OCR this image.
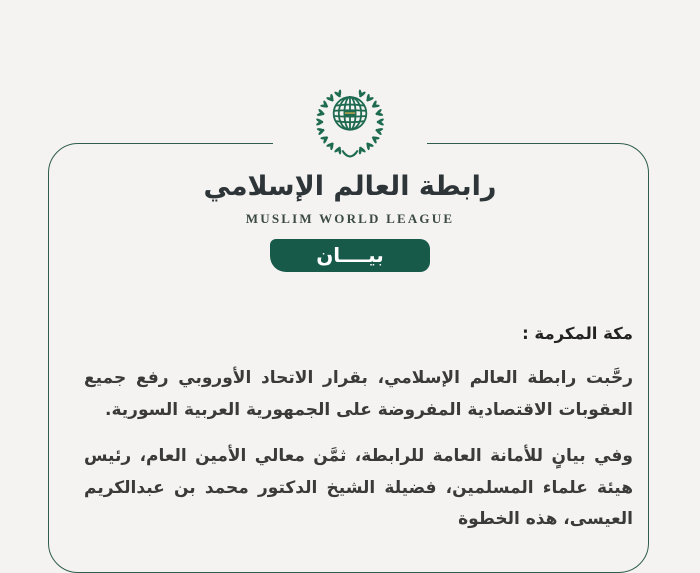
رابطة العالم الإسلامي
MUSLIM WORLD LEAGUE
بيــــان
مكة المكرمة :

رحَّبت رابطة العالم الإسلامي، بقرار الاتحاد الأوروبي رفع جميع العقوبات الاقتصادية المفروضة على الجمهورية العربية السورية.

وفي بيانٍ للأمانة العامة للرابطة، ثمَّن معالي الأمين العام، رئيس هيئة علماء المسلمين، فضيلة الشيخ الدكتور محمد بن عبدالكريم العيسى، هذه الخطوة
